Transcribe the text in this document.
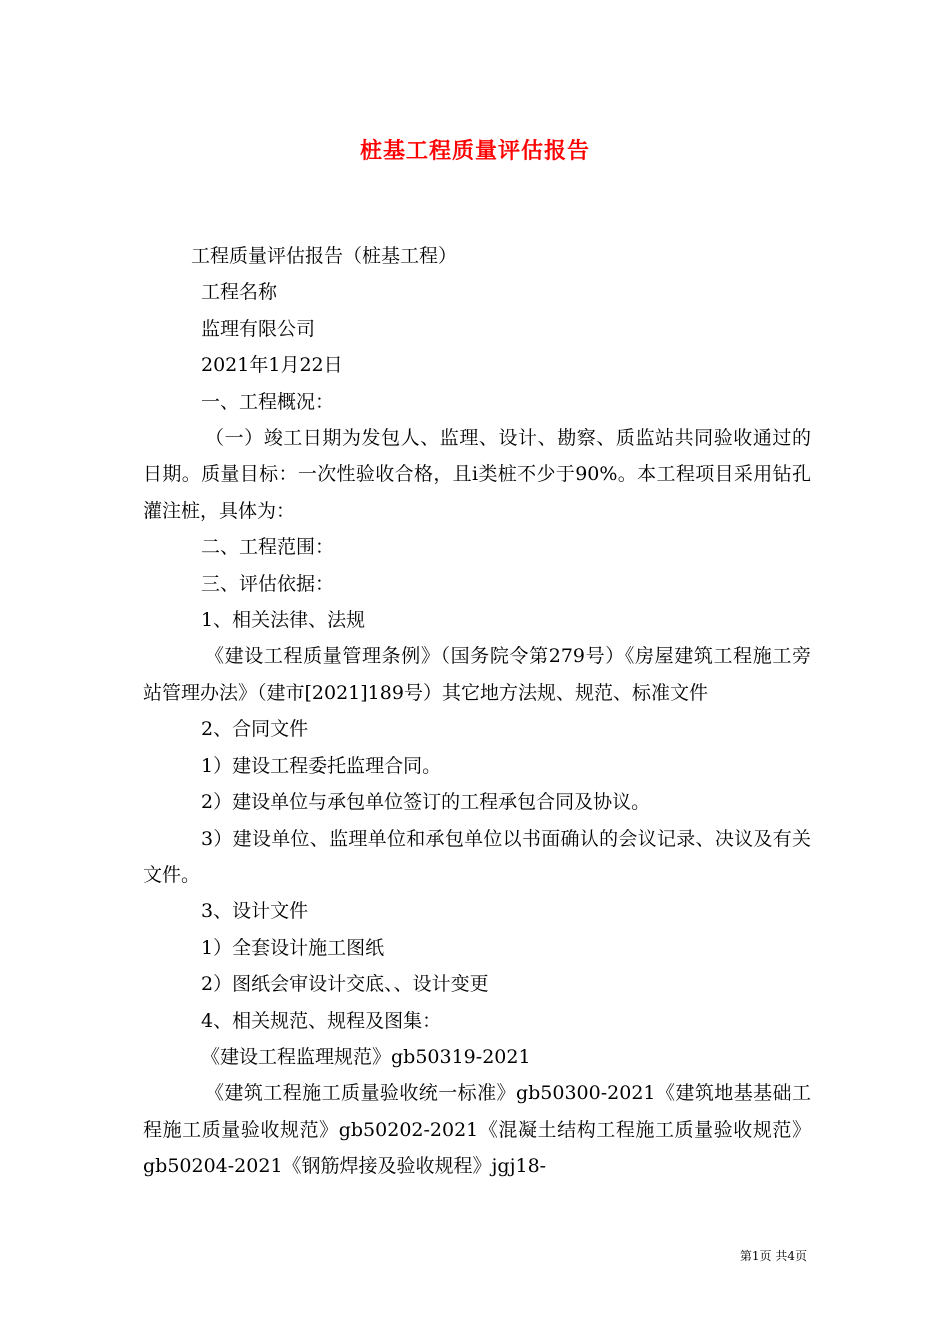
桩基工程质量评估报告

工程质量评估报告（桩基工程）

工程名称

监理有限公司

2021年1月22日

一、工程概况：

（一）竣工日期为发包人、监理、设计、勘察、质监站共同验收通过的日期。质量目标：一次性验收合格，且ⅰ类桩不少于90%。本工程项目采用钻孔灌注桩，具体为：

二、工程范围：

三、评估依据：

1、相关法律、法规

《建设工程质量管理条例》（国务院令第279号）《房屋建筑工程施工旁站管理办法》（建市[2021]189号）其它地方法规、规范、标准文件

2、合同文件

1）建设工程委托监理合同。

2）建设单位与承包单位签订的工程承包合同及协议。

3）建设单位、监理单位和承包单位以书面确认的会议记录、决议及有关文件。

3、设计文件

1）全套设计施工图纸

2）图纸会审设计交底、、设计变更

4、相关规范、规程及图集：

《建设工程监理规范》gb50319-2021

《建筑工程施工质量验收统一标准》gb50300-2021《建筑地基基础工程施工质量验收规范》gb50202-2021《混凝土结构工程施工质量验收规范》gb50204-2021《钢筋焊接及验收规程》jgj18-

第1页 共4页
